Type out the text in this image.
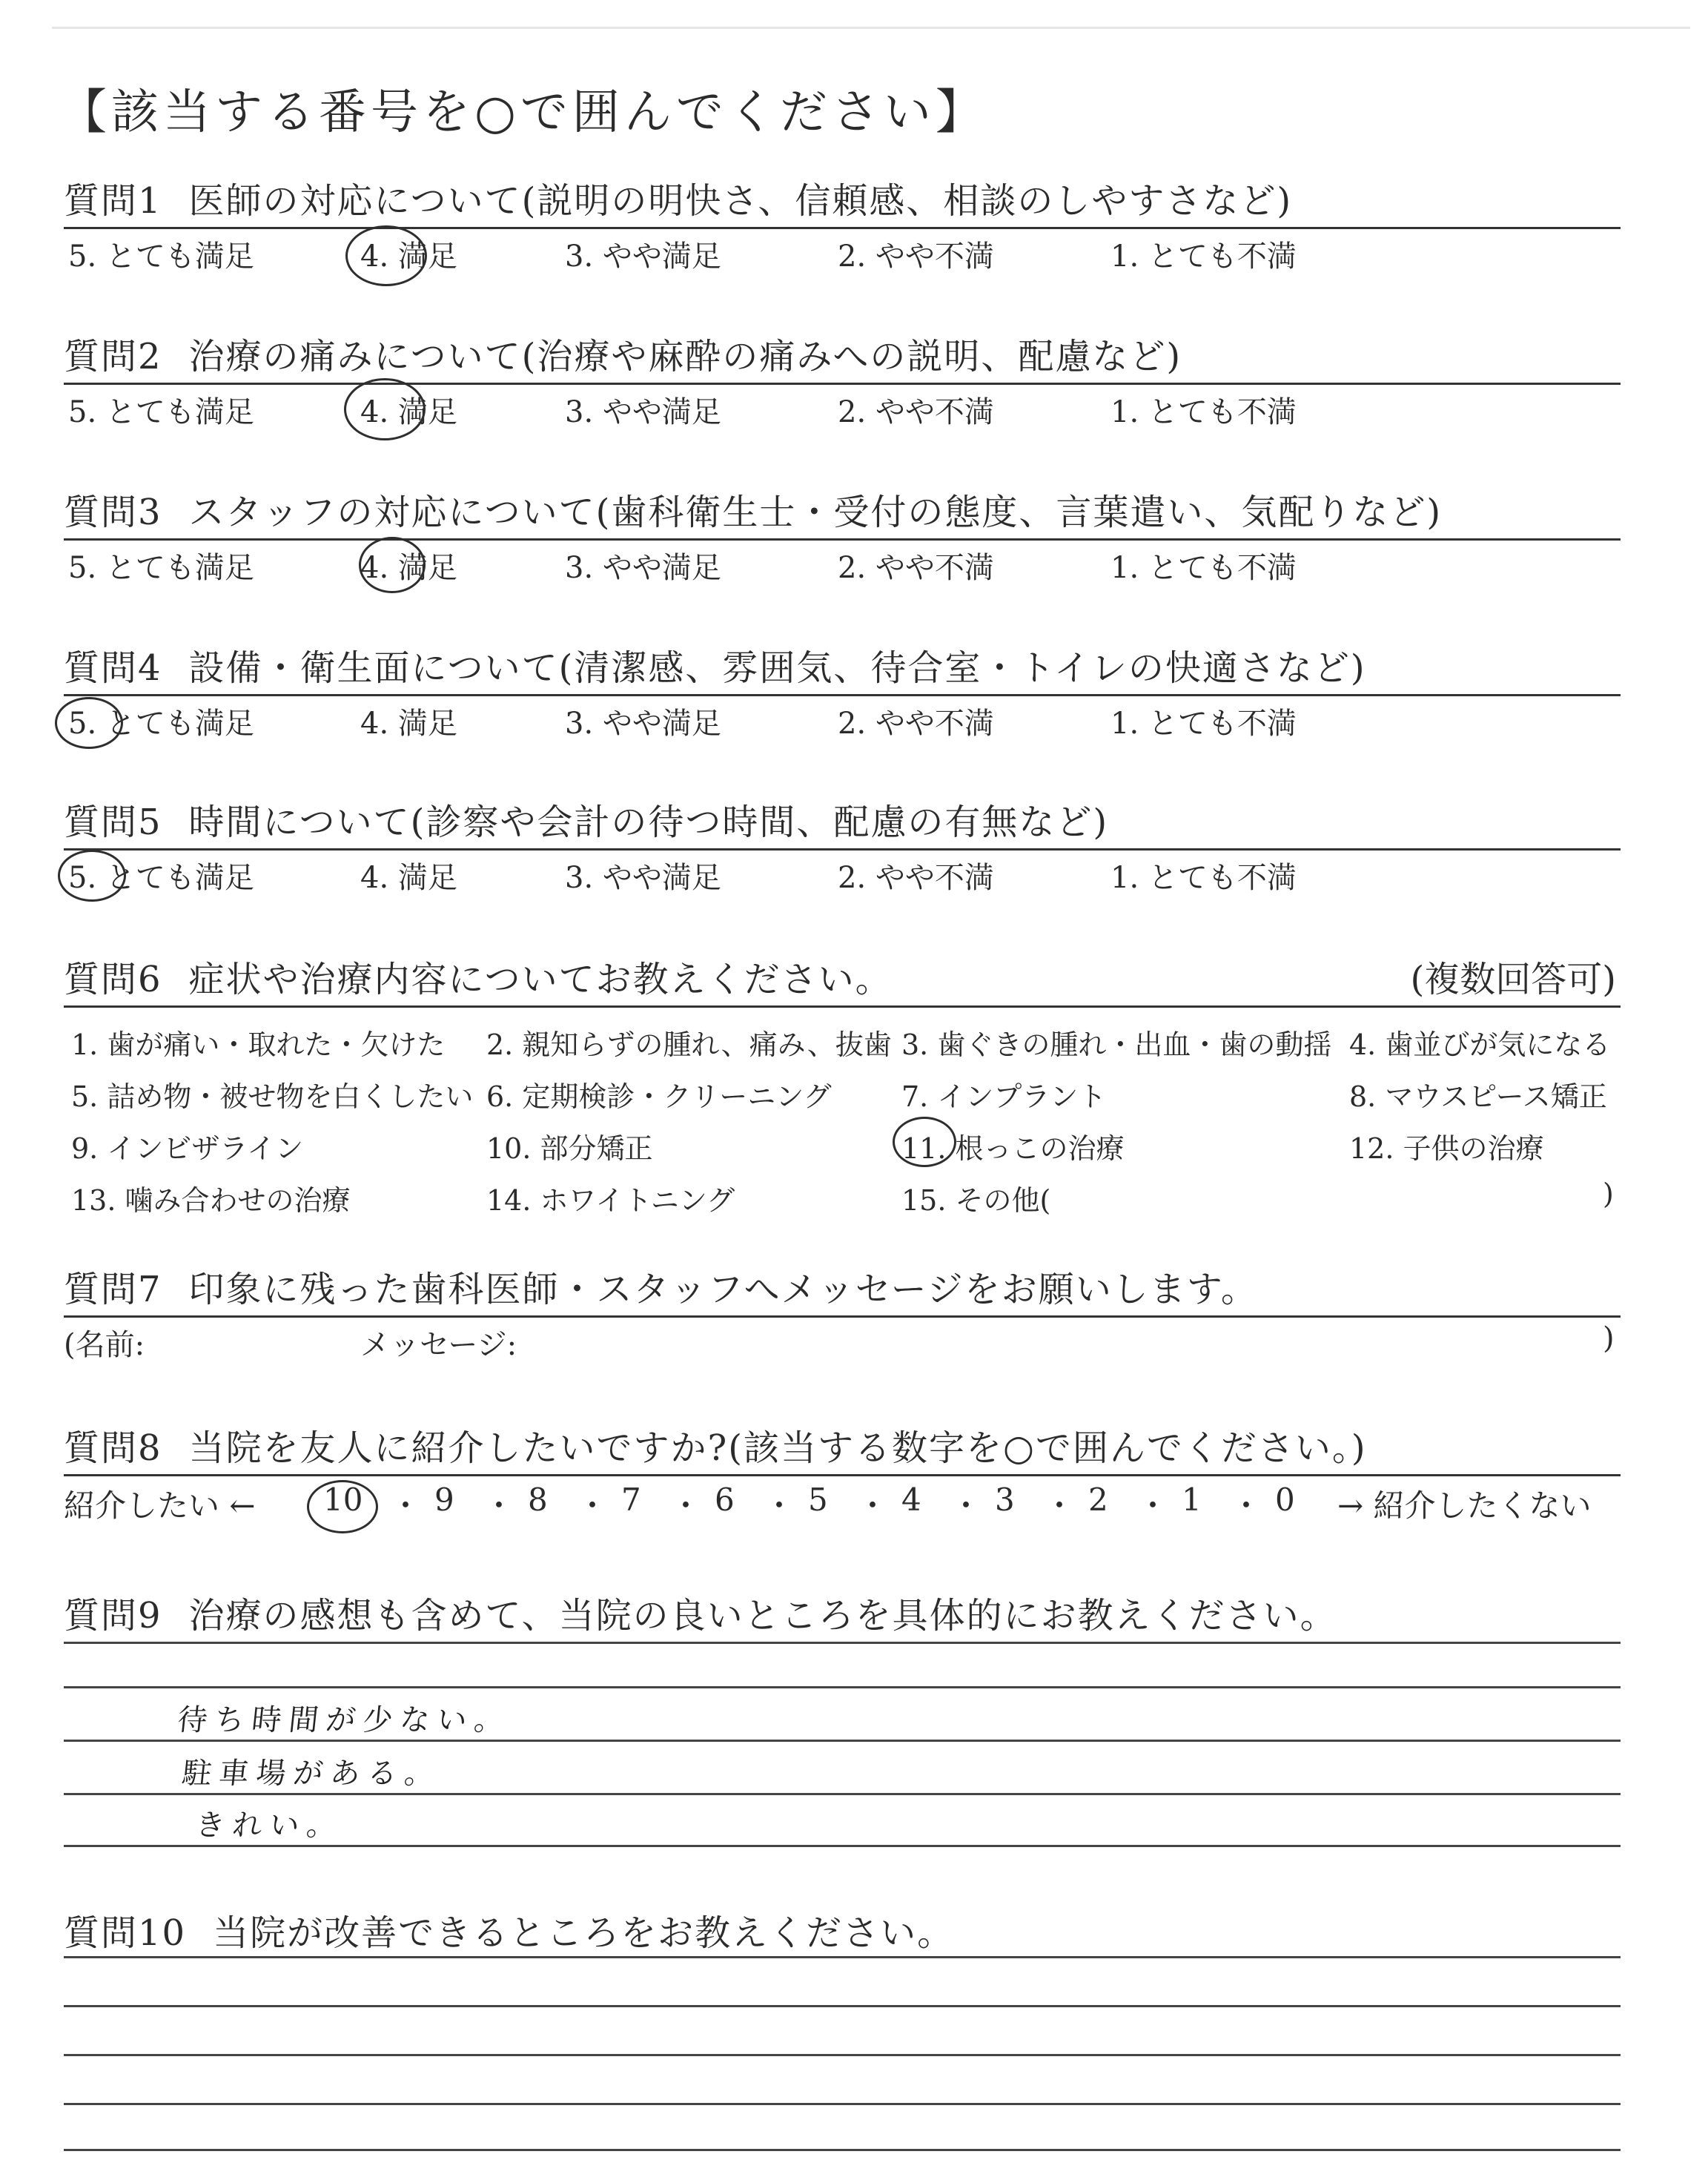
【該当する番号を○で囲んでください】
質問1 医師の対応について(説明の明快さ、信頼感、相談のしやすさなど)
5. とても満足	4. 満足	3. やや満足	2. やや不満	1. とても不満
質問2 治療の痛みについて(治療や麻酔の痛みへの説明、配慮など)
5. とても満足	4. 満足	3. やや満足	2. やや不満	1. とても不満
質問3 スタッフの対応について(歯科衛生士・受付の態度、言葉遣い、気配りなど)
5. とても満足	4. 満足	3. やや満足	2. やや不満	1. とても不満
質問4 設備・衛生面について(清潔感、雰囲気、待合室・トイレの快適さなど)
5. とても満足	4. 満足	3. やや満足	2. やや不満	1. とても不満
質問5 時間について(診察や会計の待つ時間、配慮の有無など)
5. とても満足	4. 満足	3. やや満足	2. やや不満	1. とても不満
質問6 症状や治療内容についてお教えください。	(複数回答可)
1. 歯が痛い・取れた・欠けた 2. 親知らずの腫れ、痛み、抜歯 3. 歯ぐきの腫れ・出血・歯の動揺 4. 歯並びが気になる
5. 詰め物・被せ物を白くしたい 6. 定期検診・クリーニング 7. インプラント	8. マウスピース矯正
9. インビザライン	10. 部分矯正	11. 根っこの治療	12. 子供の治療
13. 噛み合わせの治療	14. ホワイトニング	15. その他(	)
質問7 印象に残った歯科医師・スタッフへメッセージをお願いします。
(名前:	メッセージ:	)
質問8 当院を友人に紹介したいですか?(該当する数字を○で囲んでください。)
紹介したい ← 10 ・ 9 ・ 8 ・ 7 ・ 6 ・ 5 ・ 4 ・ 3 ・ 2 ・ 1 ・ 0 → 紹介したくない
質問9 治療の感想も含めて、当院の良いところを具体的にお教えください。
待ち時間が少ない。
駐車場がある。
きれい。
質問10 当院が改善できるところをお教えください。
